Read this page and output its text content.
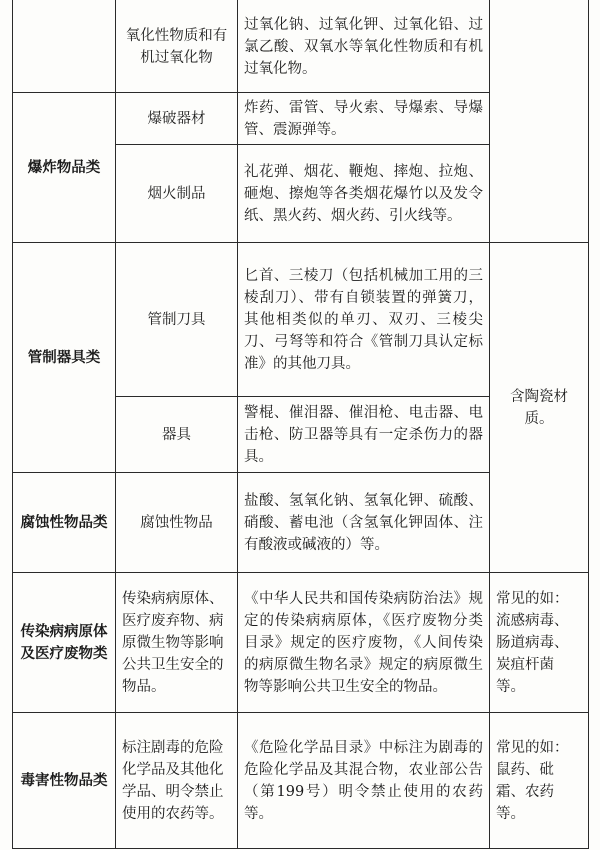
	氧化性物质和有机过氧化物	过氧化钠、过氧化钾、过氧化铅、过氯乙酸、双氧水等氧化性物质和有机过氧化物。	
爆炸物品类	爆破器材	炸药、雷管、导火索、导爆索、导爆管、震源弹等。	
	烟火制品	礼花弹、烟花、鞭炮、摔炮、拉炮、砸炮、擦炮等各类烟花爆竹以及发令纸、黑火药、烟火药、引火线等。	
管制器具类	管制刀具	匕首、三棱刀（包括机械加工用的三棱刮刀）、带有自锁装置的弹簧刀，其他相类似的单刃、双刃、三棱尖刀、弓弩等和符合《管制刀具认定标准》的其他刀具。	含陶瓷材质。
	器具	警棍、催泪器、催泪枪、电击器、电击枪、防卫器等具有一定杀伤力的器具。	
腐蚀性物品类	腐蚀性物品	盐酸、氢氧化钠、氢氧化钾、硫酸、硝酸、蓄电池（含氢氧化钾固体、注有酸液或碱液的）等。	
传染病病原体及医疗废物类	传染病病原体、医疗废弃物、病原微生物等影响公共卫生安全的物品。	《中华人民共和国传染病防治法》规定的传染病病原体，《医疗废物分类目录》规定的医疗废物，《人间传染的病原微生物名录》规定的病原微生物等影响公共卫生安全的物品。	常见的如：流感病毒、肠道病毒、炭疽杆菌等。
毒害性物品类	标注剧毒的危险化学品及其他化学品、明令禁止使用的农药等。	《危险化学品目录》中标注为剧毒的危险化学品及其混合物，农业部公告（第199号）明令禁止使用的农药等。	常见的如：鼠药、砒霜、农药等。
